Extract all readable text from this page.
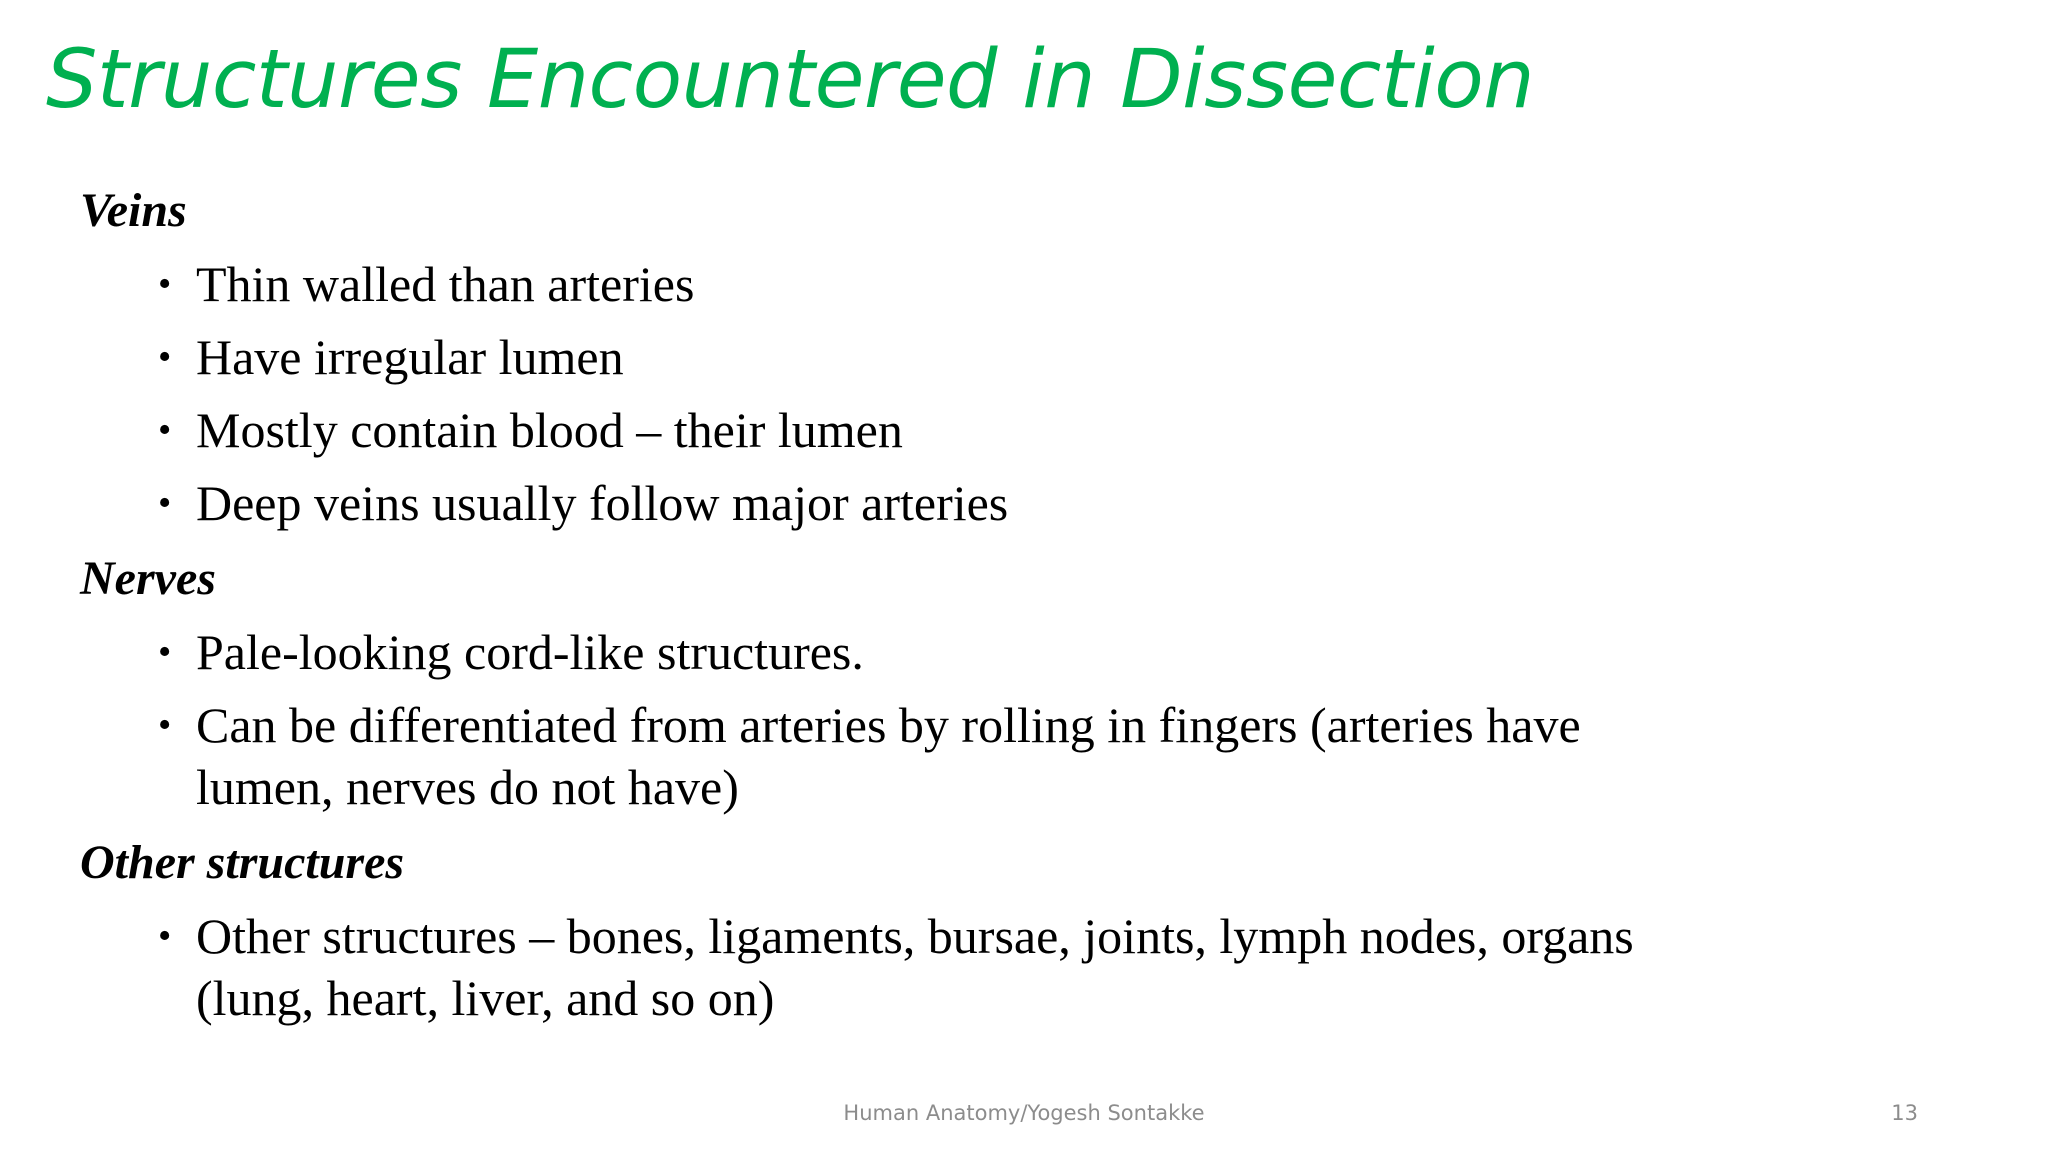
Structures Encountered in Dissection

Veins

• Thin walled than arteries
• Have irregular lumen
• Mostly contain blood – their lumen
• Deep veins usually follow major arteries

Nerves

• Pale-looking cord-like structures.
• Can be differentiated from arteries by rolling in fingers (arteries have lumen, nerves do not have)

Other structures

• Other structures – bones, ligaments, bursae, joints, lymph nodes, organs (lung, heart, liver, and so on)
Human Anatomy/Yogesh Sontakke	13
